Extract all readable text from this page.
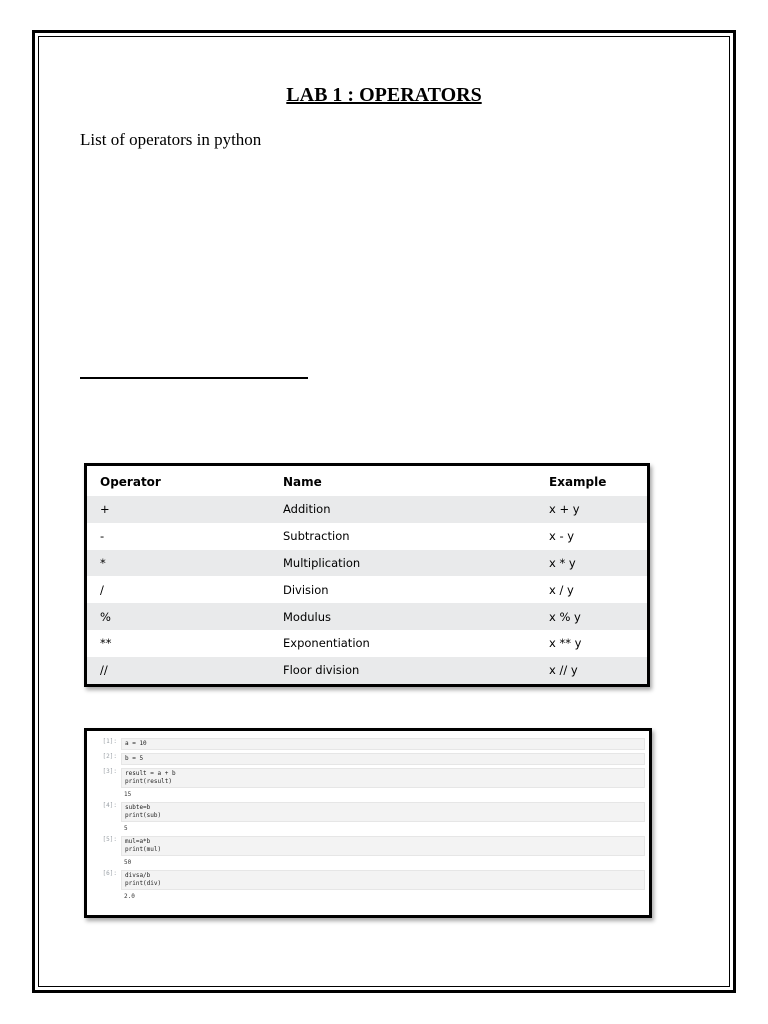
LAB 1 : OPERATORS

List of operators in python

Operator	Name	Example
+	Addition	x + y
-	Subtraction	x - y
*	Multiplication	x * y
/	Division	x / y
%	Modulus	x % y
**	Exponentiation	x ** y
//	Floor division	x // y
[1]:	a = 10
[2]:	b = 5
[3]:	result = a + b
print(result)
15
[4]:	subte=b
print(sub)
5
[5]:	mul=a*b
print(mul)
50
[6]:	divsa/b
print(div)
2.0
